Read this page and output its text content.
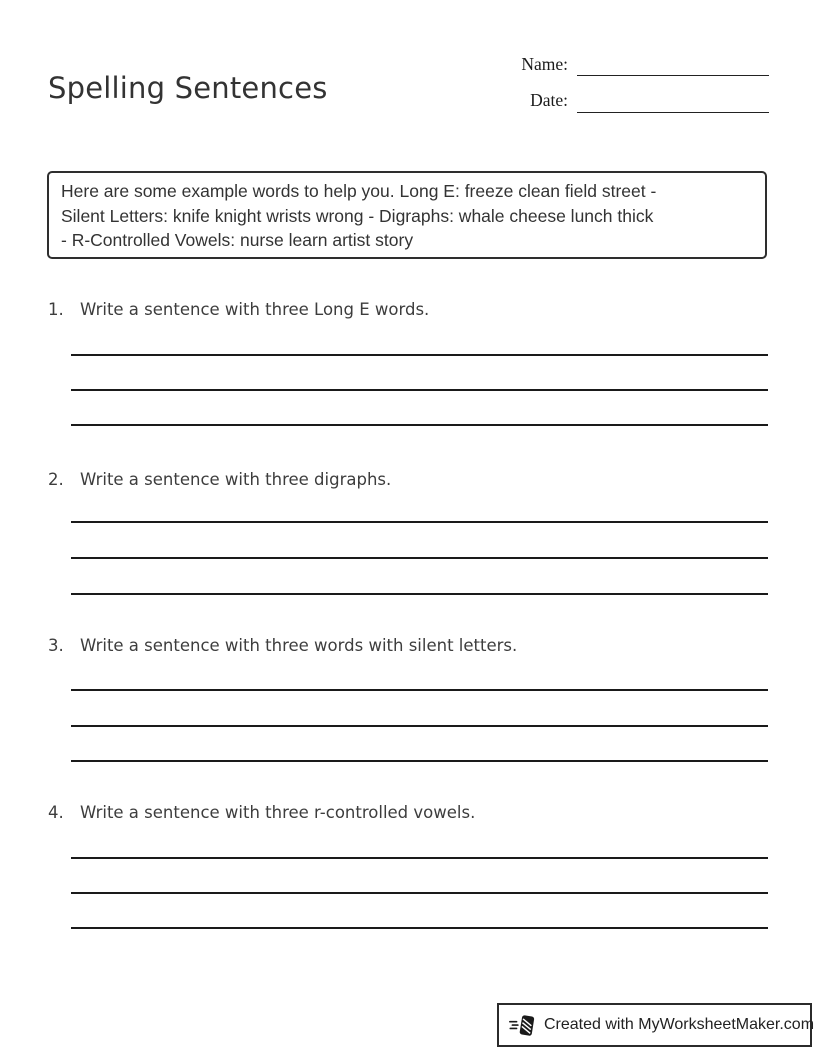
Spelling Sentences
Name:
Date:
Here are some example words to help you. Long E: freeze clean field street -
Silent Letters: knife knight wrists wrong - Digraphs: whale cheese lunch thick
- R-Controlled Vowels: nurse learn artist story
1. Write a sentence with three Long E words.
2. Write a sentence with three digraphs.
3. Write a sentence with three words with silent letters.
4. Write a sentence with three r-controlled vowels.
Created with MyWorksheetMaker.com
